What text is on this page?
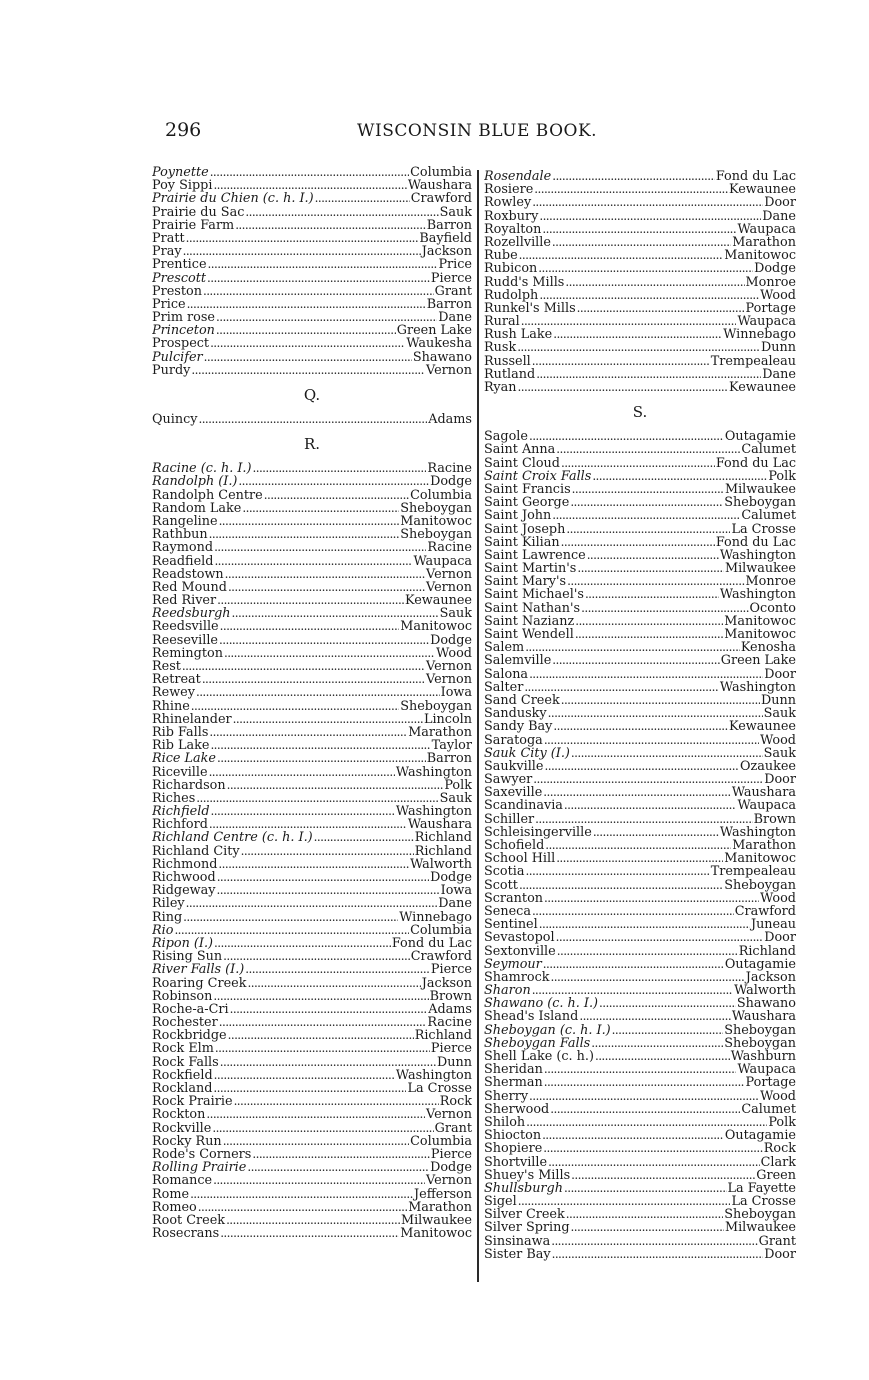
296	WISCONSIN BLUE BOOK.
Poynette . . .	Columbia
Poy Sippi . . .	Waushara
Prairie du Chien (c. h. I.) . . .	Crawford
Prairie du Sac . . .	Sauk
Prairie Farm . . .	Barron
Pratt . . .	Bayfield
Pray . . .	Jackson
Prentice . . .	Price
Prescott . . .	Pierce
Preston . . .	Grant
Price . . .	Barron
Prim rose . . .	Dane
Princeton . . .	Green Lake
Prospect . . .	Waukesha
Pulcifer . . .	Shawano
Purdy . . .	Vernon
Q.
Quincy . . .	Adams
R.
Racine (c. h. I.) . . .	Racine
Randolph (I.) . . .	Dodge
Randolph Centre . . .	Columbia
Random Lake . . .	Sheboygan
Rangeline . . .	Manitowoc
Rathbun . . .	Sheboygan
Raymond . . .	Racine
Readfield . . .	Waupaca
Readstown . . .	Vernon
Red Mound . . .	Vernon
Red River . . .	Kewaunee
Reedsburgh . . .	Sauk
Reedsville . . .	Manitowoc
Reeseville . . .	Dodge
Remington . . .	Wood
Rest . . .	Vernon
Retreat . . .	Vernon
Rewey . . .	Iowa
Rhine . . .	Sheboygan
Rhinelander . . .	Lincoln
Rib Falls . . .	Marathon
Rib Lake . . .	Taylor
Rice Lake . . .	Barron
Riceville . . .	Washington
Richardson . . .	Polk
Riches . . .	Sauk
Richfield . . .	Washington
Richford . . .	Waushara
Richland Centre (c. h. I.) . . .	Richland
Richland City . . .	Richland
Richmond . . .	Walworth
Richwood . . .	Dodge
Ridgeway . . .	Iowa
Riley . . .	Dane
Ring . . .	Winnebago
Rio . . .	Columbia
Ripon (I.) . . .	Fond du Lac
Rising Sun . . .	Crawford
River Falls (I.) . . .	Pierce
Roaring Creek . . .	Jackson
Robinson . . .	Brown
Roche-a-Cri . . .	Adams
Rochester . . .	Racine
Rockbridge . . .	Richland
Rock Elm . . .	Pierce
Rock Falls . . .	Dunn
Rockfield . . .	Washington
Rockland . . .	La Crosse
Rock Prairie . . .	Rock
Rockton . . .	Vernon
Rockville . . .	Grant
Rocky Run . . .	Columbia
Rode's Corners . . .	Pierce
Rolling Prairie . . .	Dodge
Romance . . .	Vernon
Rome . . .	Jefferson
Romeo . . .	Marathon
Root Creek . . .	Milwaukee
Rosecrans . . .	Manitowoc
Rosendale . . .	Fond du Lac
Rosiere . . .	Kewaunee
Rowley . . .	Door
Roxbury . . .	Dane
Royalton . . .	Waupaca
Rozellville . . .	Marathon
Rube . . .	Manitowoc
Rubicon . . .	Dodge
Rudd's Mills . . .	Monroe
Rudolph . . .	Wood
Runkel's Mills . . .	Portage
Rural . . .	Waupaca
Rush Lake . . .	Winnebago
Rusk . . .	Dunn
Russell . . .	Trempealeau
Rutland . . .	Dane
Ryan . . .	Kewaunee
S.
Sagole . . .	Outagamie
Saint Anna . . .	Calumet
Saint Cloud . . .	Fond du Lac
Saint Croix Falls . . .	Polk
Saint Francis . . .	Milwaukee
Saint George . . .	Sheboygan
Saint John . . .	Calumet
Saint Joseph . . .	La Crosse
Saint Kilian . . .	Fond du Lac
Saint Lawrence . . .	Washington
Saint Martin's . . .	Milwaukee
Saint Mary's . . .	Monroe
Saint Michael's . . .	Washington
Saint Nathan's . . .	Oconto
Saint Nazianz . . .	Manitowoc
Saint Wendell . . .	Manitowoc
Salem . . .	Kenosha
Salemville . . .	Green Lake
Salona . . .	Door
Salter . . .	Washington
Sand Creek . . .	Dunn
Sandusky . . .	Sauk
Sandy Bay . . .	Kewaunee
Saratoga . . .	Wood
Sauk City (I.) . . .	Sauk
Saukville . . .	Ozaukee
Sawyer . . .	Door
Saxeville . . .	Waushara
Scandinavia . . .	Waupaca
Schiller . . .	Brown
Schleisingerville . . .	Washington
Schofield . . .	Marathon
School Hill . . .	Manitowoc
Scotia . . .	Trempealeau
Scott . . .	Sheboygan
Scranton . . .	Wood
Seneca . . .	Crawford
Sentinel . . .	Juneau
Sevastopol . . .	Door
Sextonville . . .	Richland
Seymour . . .	Outagamie
Shamrock . . .	Jackson
Sharon . . .	Walworth
Shawano (c. h. I.) . . .	Shawano
Shead's Island . . .	Waushara
Sheboygan (c. h. I.) . . .	Sheboygan
Sheboygan Falls . . .	Sheboygan
Shell Lake (c. h.) . . .	Washburn
Sheridan . . .	Waupaca
Sherman . . .	Portage
Sherry . . .	Wood
Sherwood . . .	Calumet
Shiloh . . .	Polk
Shiocton . . .	Outagamie
Shopiere . . .	Rock
Shortville . . .	Clark
Shuey's Mills . . .	Green
Shullsburgh . . .	La Fayette
Sigel . . .	La Crosse
Silver Creek . . .	Sheboygan
Silver Spring . . .	Milwaukee
Sinsinawa . . .	Grant
Sister Bay . . .	Door
